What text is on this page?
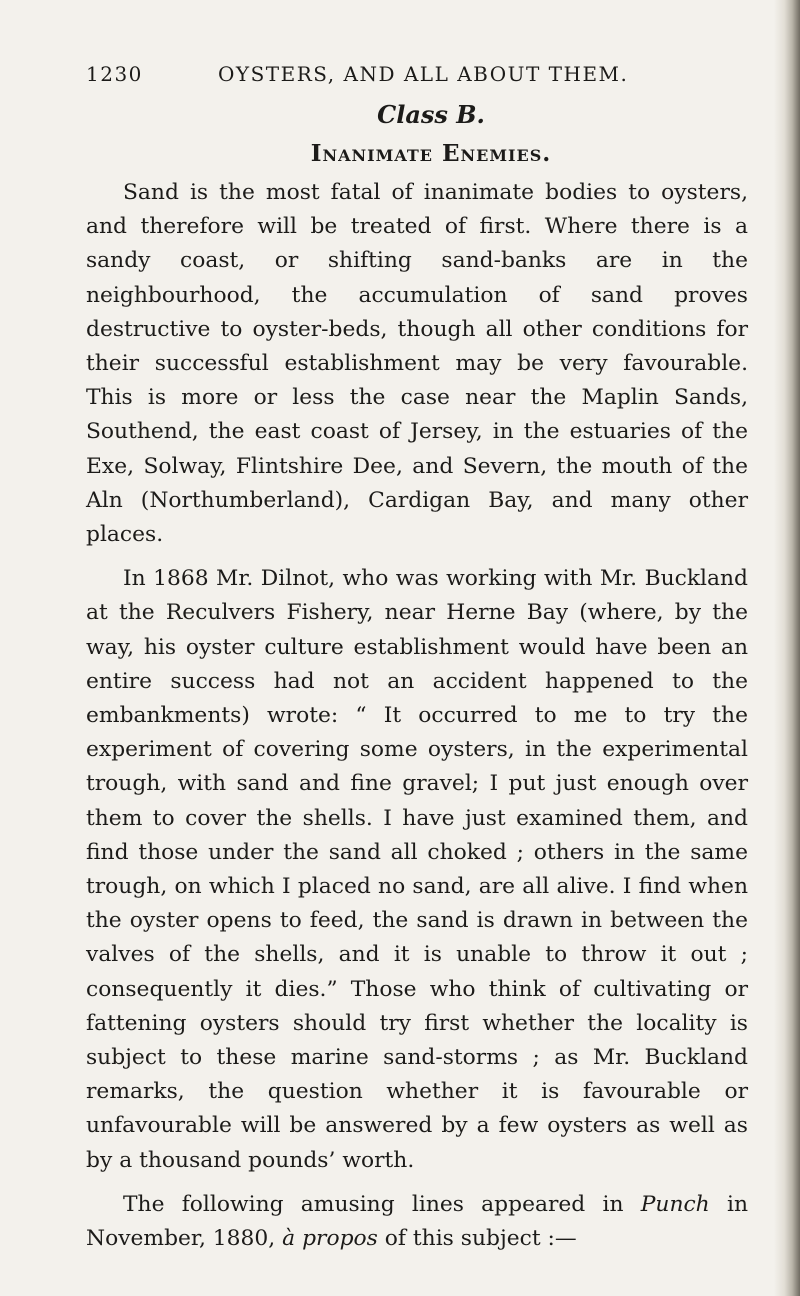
1230	OYSTERS, AND ALL ABOUT THEM.
Class B.
Inanimate Enemies.

Sand is the most fatal of inanimate bodies to oysters, and therefore will be treated of first. Where there is a sandy coast, or shifting sand-banks are in the neighbourhood, the accumulation of sand proves destructive to oyster-beds, though all other conditions for their successful establishment may be very favourable. This is more or less the case near the Maplin Sands, Southend, the east coast of Jersey, in the estuaries of the Exe, Solway, Flintshire Dee, and Severn, the mouth of the Aln (Northumberland), Cardigan Bay, and many other places.

In 1868 Mr. Dilnot, who was working with Mr. Buckland at the Reculvers Fishery, near Herne Bay (where, by the way, his oyster culture establishment would have been an entire success had not an accident happened to the embankments) wrote: “ It occurred to me to try the experiment of covering some oysters, in the experimental trough, with sand and fine gravel; I put just enough over them to cover the shells. I have just examined them, and find those under the sand all choked ; others in the same trough, on which I placed no sand, are all alive. I find when the oyster opens to feed, the sand is drawn in between the valves of the shells, and it is unable to throw it out ; consequently it dies.” Those who think of cultivating or fattening oysters should try first whether the locality is subject to these marine sand-storms ; as Mr. Buckland remarks, the question whether it is favourable or unfavourable will be answered by a few oysters as well as by a thousand pounds’ worth.

The following amusing lines appeared in Punch in November, 1880, à propos of this subject :—
